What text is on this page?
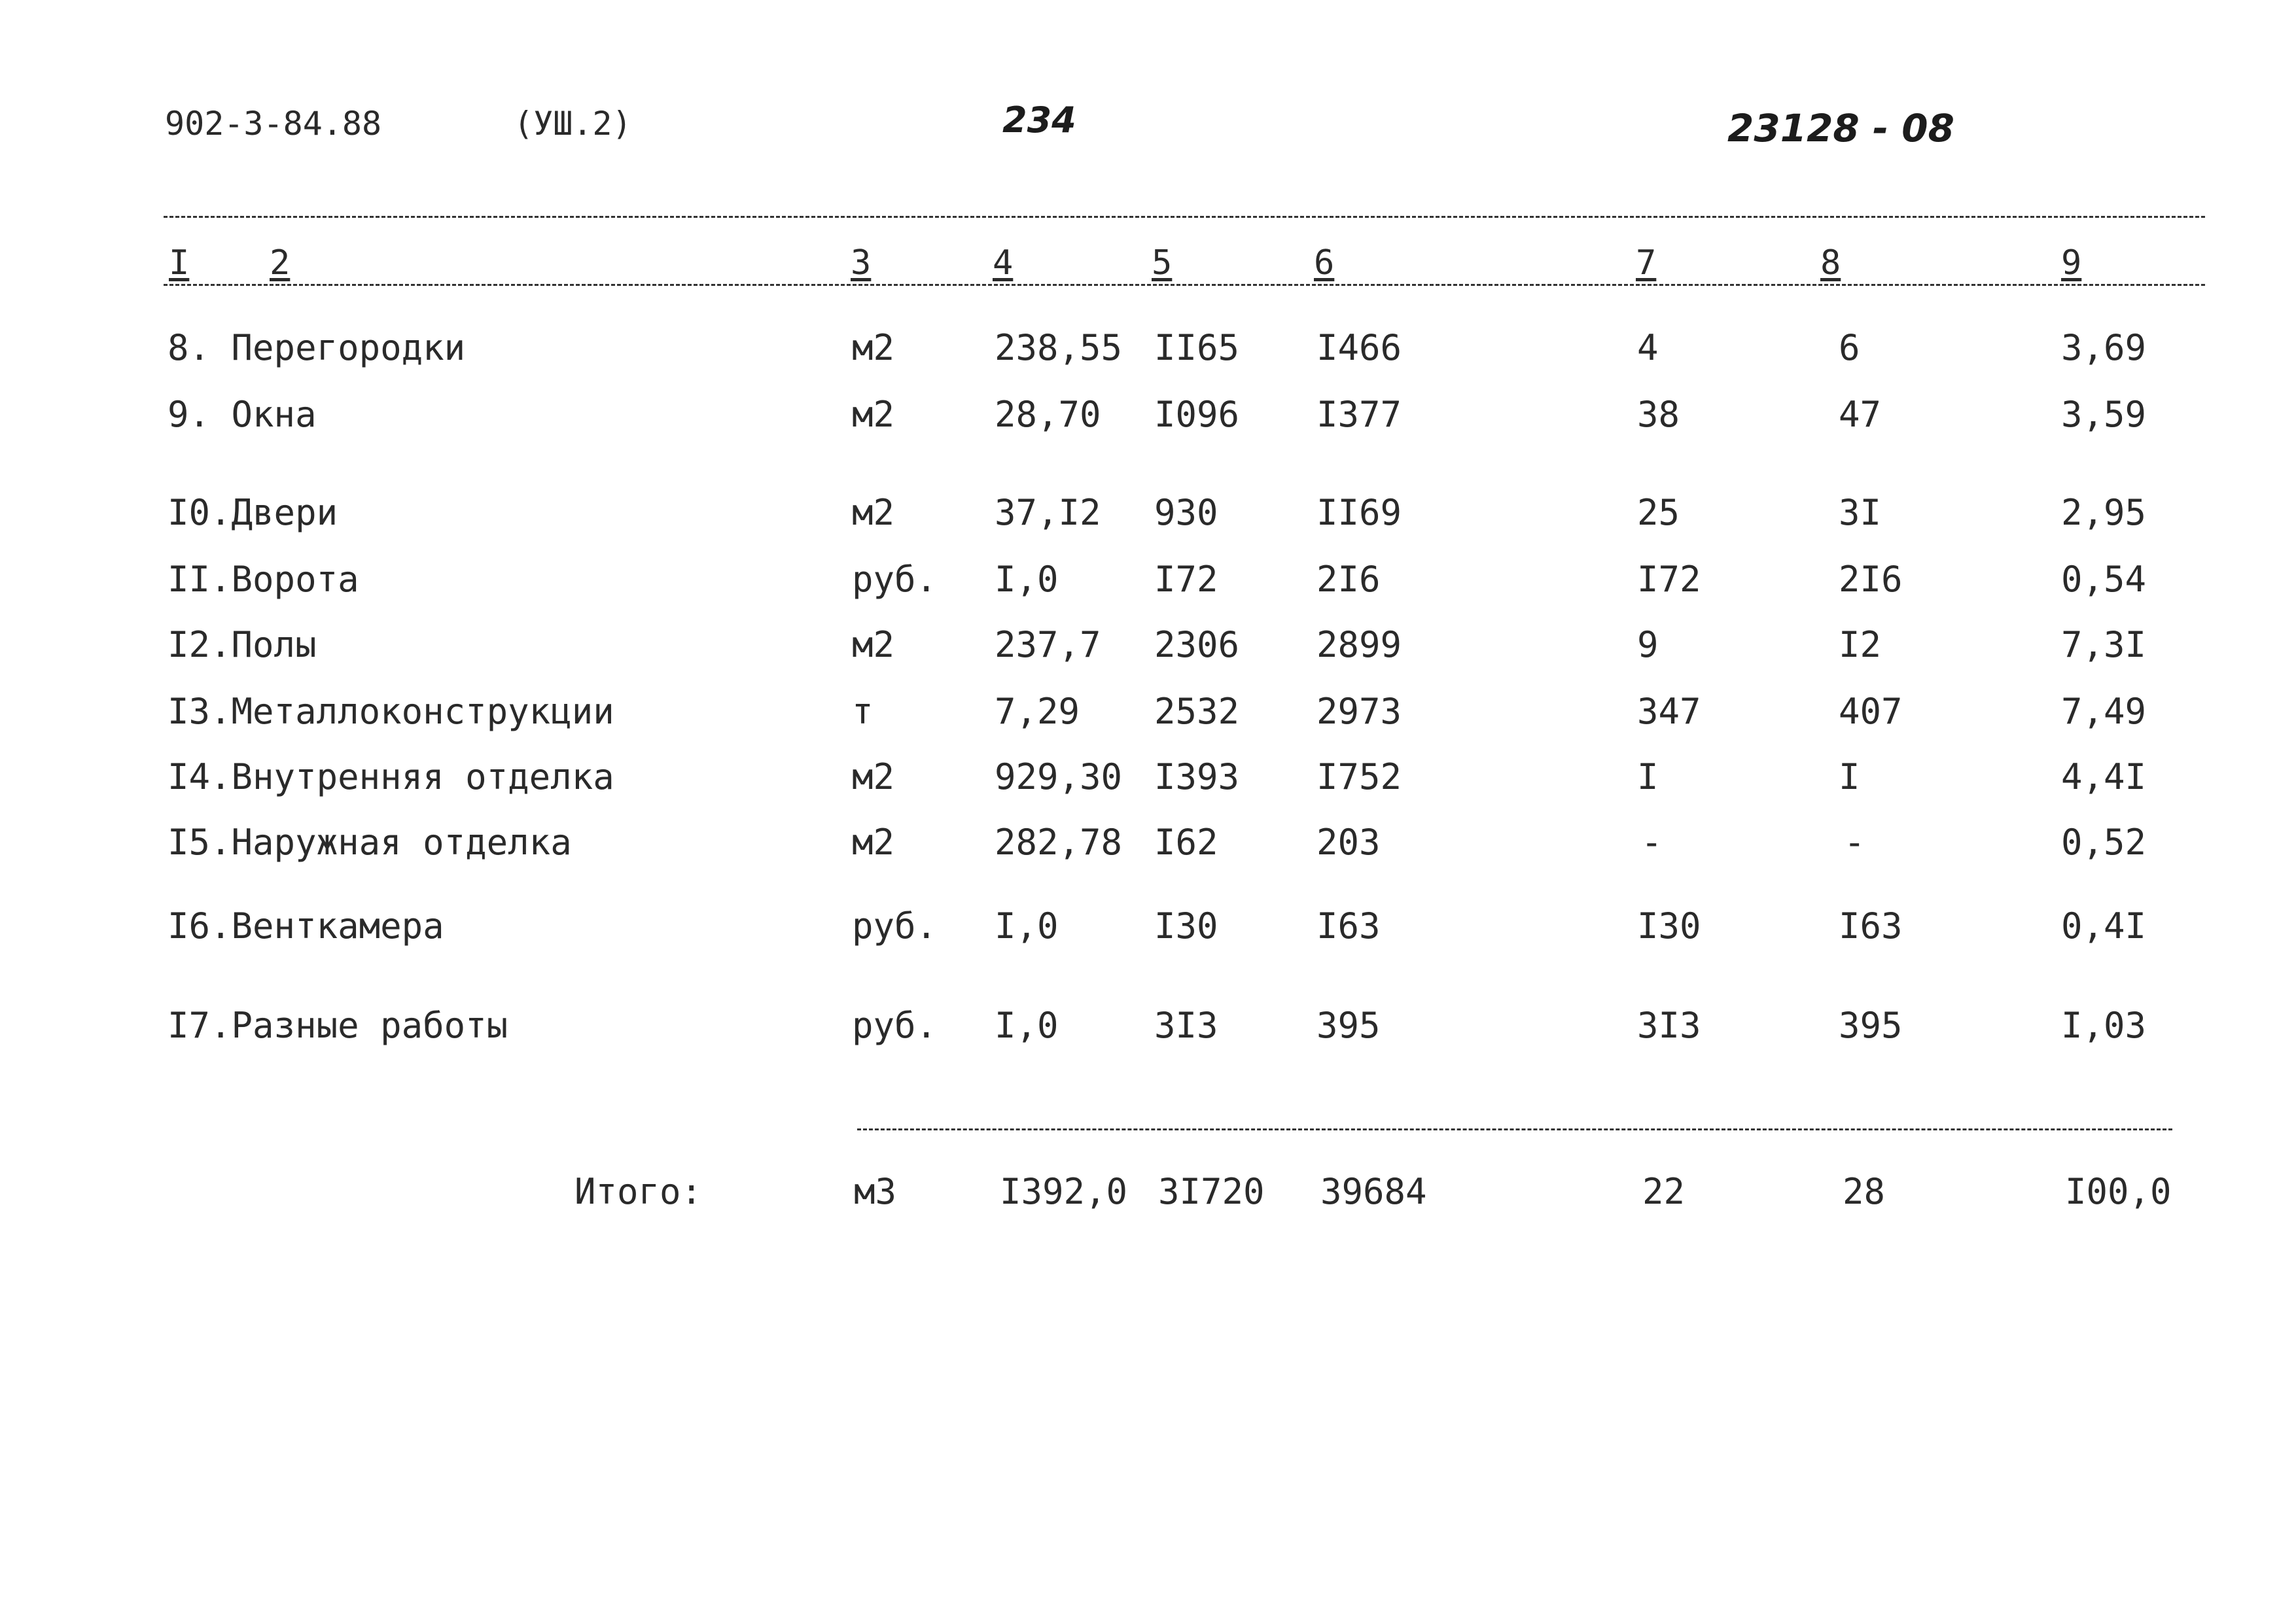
902-3-84.88	(УШ.2)	234	23128 - 08
I 2	3	4	5	6	7	8	9
8. Перегородки	м2	238,55 II65 I466	4	6	3,69
9. Окна	м2	28,70 I096 I377	38	47	3,59
I0.Двери	м2	37,I2 930	II69	25	3I	2,95
II.Ворота	руб. I,0	I72	2I6	I72	2I6	0,54
I2.Полы	м2	237,7 2306 2899	9	I2	7,3I
I3.Металлоконструкции	т	7,29 2532 2973	347	407	7,49
I4.Внутренняя отделка	м2	929,30 I393 I752	I	I	4,4I
I5.Наружная отделка	м2	282,78 I62	203	-	-	0,52
I6.Венткамера	руб. I,0	I30	I63	I30	I63	0,4I
I7.Разные работы	руб. I,0	3I3	395	3I3	395	I,03
Итого:	м3	I392,0 3I720 39684	22	28	I00,0
